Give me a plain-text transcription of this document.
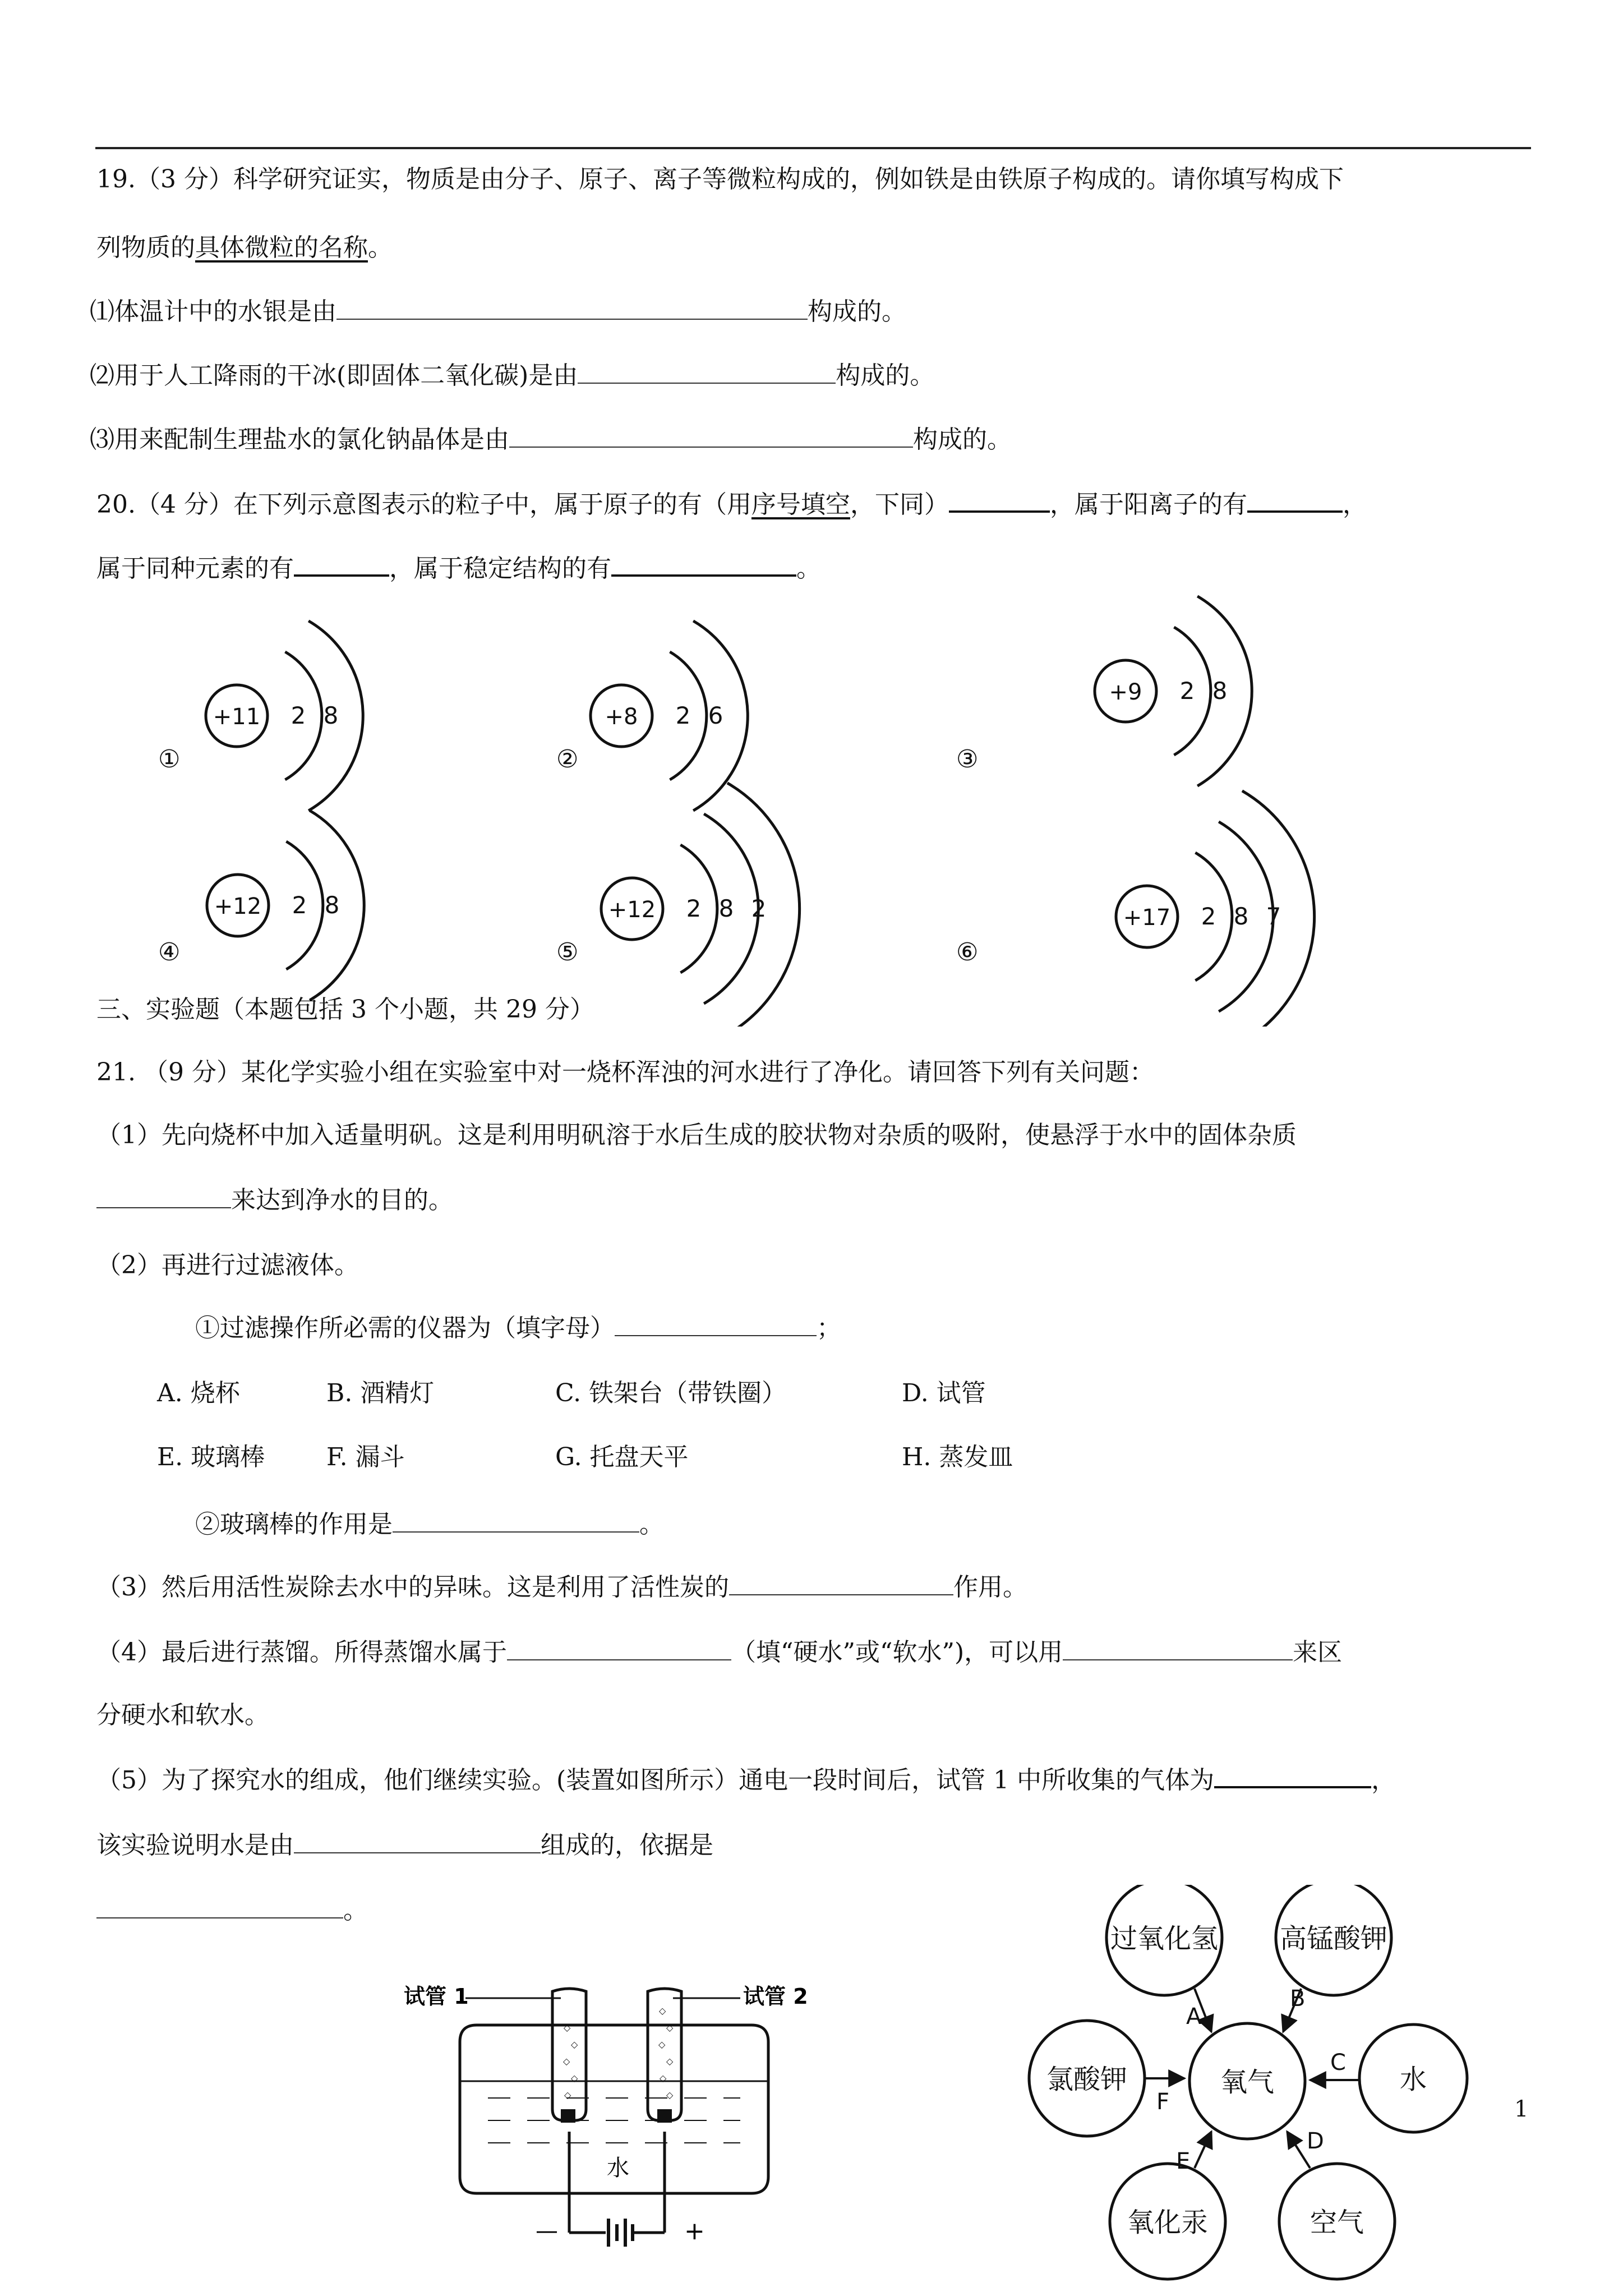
19.（3 分）科学研究证实，物质是由分子、原子、离子等微粒构成的，例如铁是由铁原子构成的。请你填写构成下
列物质的具体微粒的名称。
⑴体温计中的水银是由	构成的。
⑵用于人工降雨的干冰(即固体二氧化碳)是由	构成的。
⑶用来配制生理盐水的氯化钠晶体是由	构成的。
20.（4 分）在下列示意图表示的粒子中，属于原子的有（用序号填空，下同）	，属于阳离子的有	，
属于同种元素的有	，属于稳定结构的有	。
+11 2 8
①
+8 2 6
②
+9 2 8
③
+12 2 8
④
+12 2 8 2
⑤
+17 2 8 7
⑥
三、实验题（本题包括 3 个小题，共 29 分）
21. （9 分）某化学实验小组在实验室中对一烧杯浑浊的河水进行了净化。请回答下列有关问题：
（1）先向烧杯中加入适量明矾。这是利用明矾溶于水后生成的胶状物对杂质的吸附，使悬浮于水中的固体杂质
来达到净水的目的。
（2）再进行过滤液体。
①过滤操作所必需的仪器为（填字母）	；
A. 烧杯	B. 酒精灯	C. 铁架台（带铁圈）	D. 试管
E. 玻璃棒 F. 漏斗	G. 托盘天平	H. 蒸发皿
②玻璃棒的作用是	。
（3）然后用活性炭除去水中的异味。这是利用了活性炭的	作用。
（4）最后进行蒸馏。所得蒸馏水属于	（填“硬水”或“软水”)，可以用	来区
分硬水和软水。
（5）为了探究水的组成，他们继续实验。(装置如图所示）通电一段时间后，试管 1 中所收集的气体为	，
该实验说明水是由	组成的，依据是
。
◇
◇
◇
◇
◇
◇
◇
◇
◇
◇
◇
试管 1	试管 2
水
—	+
氧气
过氧化氢 高锰酸钾
水
空气
氧化汞
氯酸钾
A
B
C
D
E
F	1
